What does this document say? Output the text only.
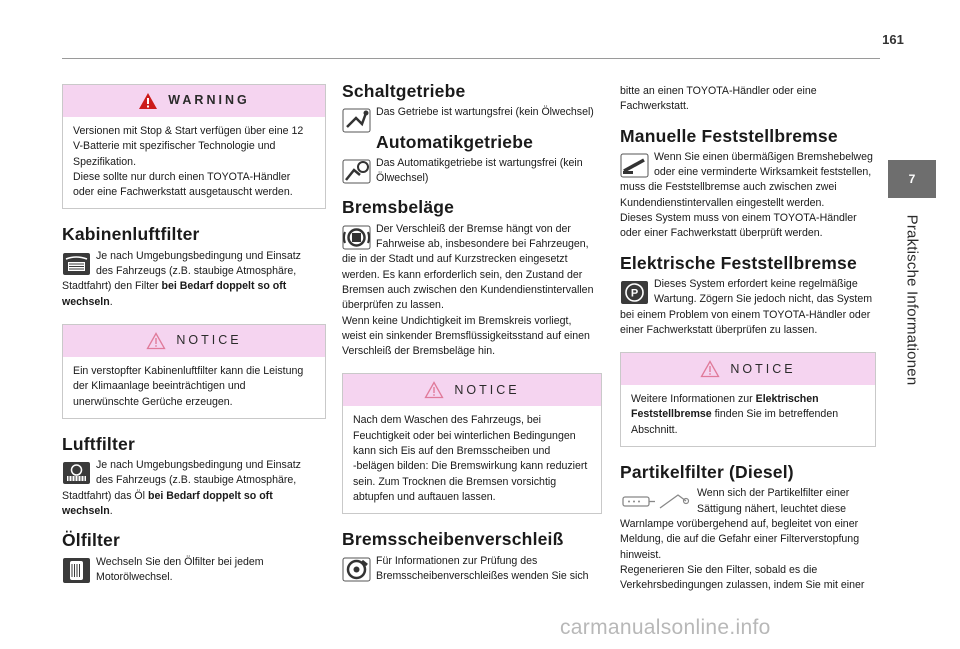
161
7
Praktische Informationen
WARNING
Versionen mit Stop & Start verfügen über eine 12
V-Batterie mit spezifischer Technologie und
Spezifikation.
Diese sollte nur durch einen TOYOTA-Händler
oder eine Fachwerkstatt ausgetauscht werden.
Kabinenluftfilter

Je nach Umgebungsbedingung und Einsatz

des Fahrzeugs (z.B. staubige Atmosphäre,

Stadtfahrt) den Filter bei Bedarf doppelt so oft

wechseln.

NOTICE
Ein verstopfter Kabinenluftfilter kann die Leistung
der Klimaanlage beeinträchtigen und
unerwünschte Gerüche erzeugen.
Luftfilter

Je nach Umgebungsbedingung und Einsatz

des Fahrzeugs (z.B. staubige Atmosphäre,

Stadtfahrt) das Öl bei Bedarf doppelt so oft

wechseln.

Ölfilter

Wechseln Sie den Ölfilter bei jedem

Motorölwechsel.

Schaltgetriebe

Das Getriebe ist wartungsfrei (kein Ölwechsel)

Automatikgetriebe

Das Automatikgetriebe ist wartungsfrei (kein

Ölwechsel)

Bremsbeläge

Der Verschleiß der Bremse hängt von der

Fahrweise ab, insbesondere bei Fahrzeugen,

die in der Stadt und auf Kurzstrecken eingesetzt

werden. Es kann erforderlich sein, den Zustand der

Bremsen auch zwischen den Kundendienstintervallen

überprüfen zu lassen.

Wenn keine Undichtigkeit im Bremskreis vorliegt,

weist ein sinkender Bremsflüssigkeitsstand auf einen

Verschleiß der Bremsbeläge hin.

NOTICE
Nach dem Waschen des Fahrzeugs, bei
Feuchtigkeit oder bei winterlichen Bedingungen
kann sich Eis auf den Bremsscheiben und
-belägen bilden: Die Bremswirkung kann reduziert
sein. Zum Trocknen die Bremsen vorsichtig
abtupfen und auftauen lassen.
Bremsscheibenverschleiß

Für Informationen zur Prüfung des

Bremsscheibenverschleißes wenden Sie sich

bitte an einen TOYOTA-Händler oder eine

Fachwerkstatt.

Manuelle Feststellbremse

Wenn Sie einen übermäßigen Bremshebelweg

oder eine verminderte Wirksamkeit feststellen,

muss die Feststellbremse auch zwischen zwei

Kundendienstintervallen eingestellt werden.

Dieses System muss von einem TOYOTA-Händler

oder einer Fachwerkstatt überprüft werden.

Elektrische Feststellbremse
P

Dieses System erfordert keine regelmäßige

Wartung. Zögern Sie jedoch nicht, das System

bei einem Problem von einem TOYOTA-Händler oder

einer Fachwerkstatt überprüfen zu lassen.

NOTICE
Weitere Informationen zur Elektrischen
Feststellbremse finden Sie im betreffenden
Abschnitt.
Partikelfilter (Diesel)

Wenn sich der Partikelfilter einer

Sättigung nähert, leuchtet diese

Warnlampe vorübergehend auf, begleitet von einer

Meldung, die auf die Gefahr einer Filterverstopfung

hinweist.

Regenerieren Sie den Filter, sobald es die

Verkehrsbedingungen zulassen, indem Sie mit einer

carmanualsonline.info
